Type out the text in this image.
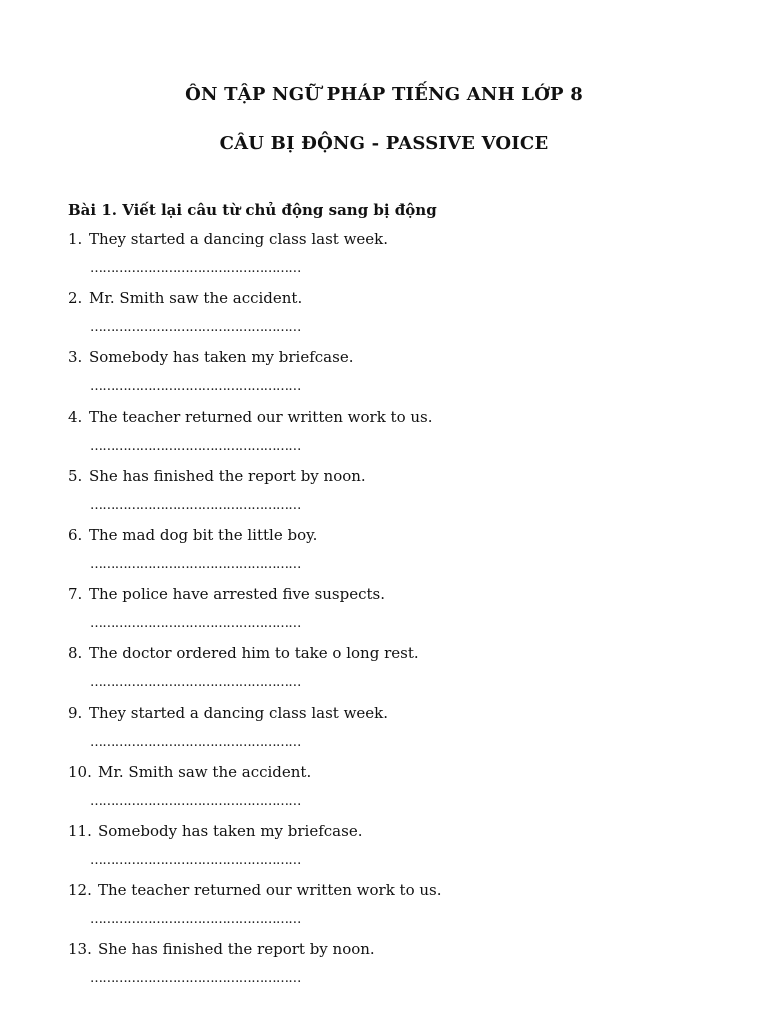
ÔN TẬP NGỮ PHÁP TIẾNG ANH LỚP 8
CÂU BỊ ĐỘNG - PASSIVE VOICE
Bài 1. Viết lại câu từ chủ động sang bị động
1. They started a dancing class last week.
……………………………………………
2. Mr. Smith saw the accident.
……………………………………………
3. Somebody has taken my briefcase.
……………………………………………
4. The teacher returned our written work to us.
……………………………………………
5. She has finished the report by noon.
……………………………………………
6. The mad dog bit the little boy.
……………………………………………
7. The police have arrested five suspects.
……………………………………………
8. The doctor ordered him to take o long rest.
……………………………………………
9. They started a dancing class last week.
……………………………………………
10. Mr. Smith saw the accident.
……………………………………………
11. Somebody has taken my briefcase.
……………………………………………
12. The teacher returned our written work to us.
……………………………………………
13. She has finished the report by noon.
……………………………………………
